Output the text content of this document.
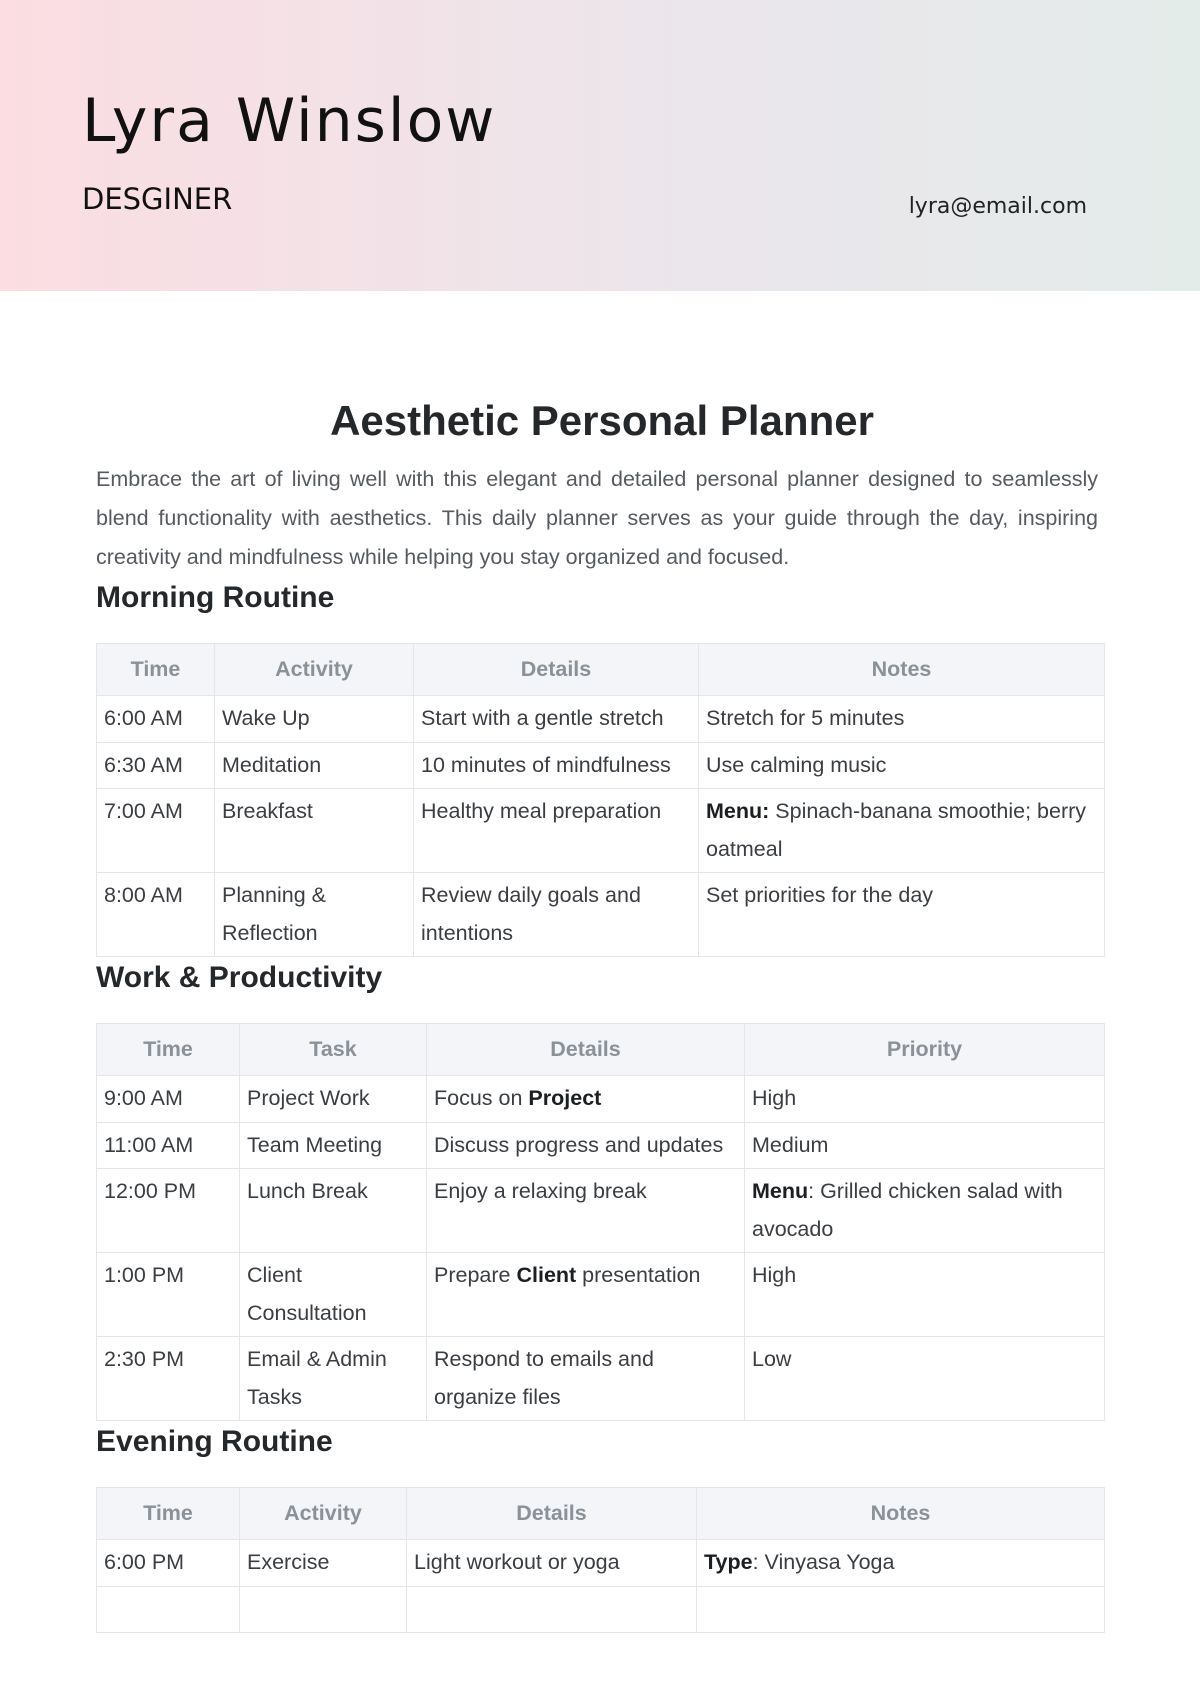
Lyra Winslow
DESGINER	lyra@email.com
Aesthetic Personal Planner

Embrace the art of living well with this elegant and detailed personal planner designed to seamlessly blend functionality with aesthetics. This daily planner serves as your guide through the day, inspiring creativity and mindfulness while helping you stay organized and focused.

Morning Routine
Time	Activity	Details	Notes
6:00 AM	Wake Up	Start with a gentle stretch	Stretch for 5 minutes
6:30 AM	Meditation	10 minutes of mindfulness	Use calming music
7:00 AM	Breakfast	Healthy meal preparation	Menu: Spinach-banana smoothie; berry oatmeal
8:00 AM	Planning & Reflection	Review daily goals and intentions	Set priorities for the day
Work & Productivity
Time	Task	Details	Priority
9:00 AM	Project Work	Focus on Project	High
11:00 AM	Team Meeting	Discuss progress and updates	Medium
12:00 PM	Lunch Break	Enjoy a relaxing break	Menu: Grilled chicken salad with avocado
1:00 PM	Client Consultation	Prepare Client presentation	High
2:30 PM	Email & Admin Tasks	Respond to emails and organize files	Low
Evening Routine
Time	Activity	Details	Notes
6:00 PM	Exercise	Light workout or yoga	Type: Vinyasa Yoga
